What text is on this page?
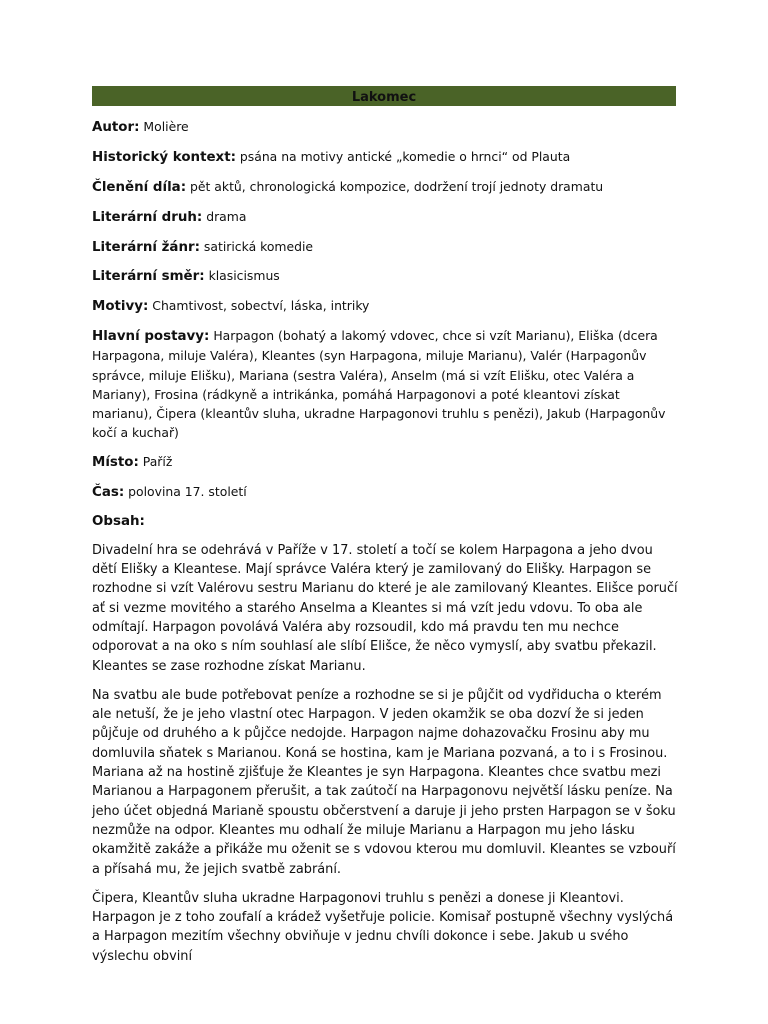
Lakomec
Autor: Molière
Historický kontext: psána na motivy antické „komedie o hrnci“ od Plauta
Členění díla: pět aktů, chronologická kompozice, dodržení trojí jednoty dramatu
Literární druh: drama
Literární žánr: satirická komedie
Literární směr: klasicismus
Motivy: Chamtivost, sobectví, láska, intriky
Hlavní postavy: Harpagon (bohatý a lakomý vdovec, chce si vzít Marianu), Eliška (dcera Harpagona, miluje Valéra), Kleantes (syn Harpagona, miluje Marianu), Valér (Harpagonův správce, miluje Elišku), Mariana (sestra Valéra), Anselm (má si vzít Elišku, otec Valéra a Mariany), Frosina (rádkyně a intrikánka, pomáhá Harpagonovi a poté kleantovi získat marianu), Čipera (kleantův sluha, ukradne Harpagonovi truhlu s penězi), Jakub (Harpagonův kočí a kuchař)
Místo: Paříž
Čas: polovina 17. století
Obsah:

Divadelní hra se odehrává v Paříže v 17. století a točí se kolem Harpagona a jeho dvou dětí Elišky a Kleantese. Mají správce Valéra který je zamilovaný do Elišky. Harpagon se rozhodne si vzít Valérovu sestru Marianu do které je ale zamilovaný Kleantes. Elišce poručí ať si vezme movitého a starého Anselma a Kleantes si má vzít jedu vdovu. To oba ale odmítají. Harpagon povolává Valéra aby rozsoudil, kdo má pravdu ten mu nechce odporovat a na oko s ním souhlasí ale slíbí Elišce, že něco vymyslí, aby svatbu překazil. Kleantes se zase rozhodne získat Marianu.

Na svatbu ale bude potřebovat peníze a rozhodne se si je půjčit od vydřiducha o kterém ale netuší, že je jeho vlastní otec Harpagon. V jeden okamžik se oba dozví že si jeden půjčuje od druhého a k půjčce nedojde. Harpagon najme dohazovačku Frosinu aby mu domluvila sňatek s Marianou. Koná se hostina, kam je Mariana pozvaná, a to i s Frosinou. Mariana až na hostině zjišťuje že Kleantes je syn Harpagona. Kleantes chce svatbu mezi Marianou a Harpagonem přerušit, a tak zaútočí na Harpagonovu největší lásku peníze. Na jeho účet objedná Marianě spoustu občerstvení a daruje ji jeho prsten Harpagon se v šoku nezmůže na odpor. Kleantes mu odhalí že miluje Marianu a Harpagon mu jeho lásku okamžitě zakáže a přikáže mu oženit se s vdovou kterou mu domluvil. Kleantes se vzbouří a přísahá mu, že jejich svatbě zabrání.

Čipera, Kleantův sluha ukradne Harpagonovi truhlu s penězi a donese ji Kleantovi. Harpagon je z toho zoufalí a krádež vyšetřuje policie. Komisař postupně všechny vyslýchá a Harpagon mezitím všechny obviňuje v jednu chvíli dokonce i sebe. Jakub u svého výslechu obviní
